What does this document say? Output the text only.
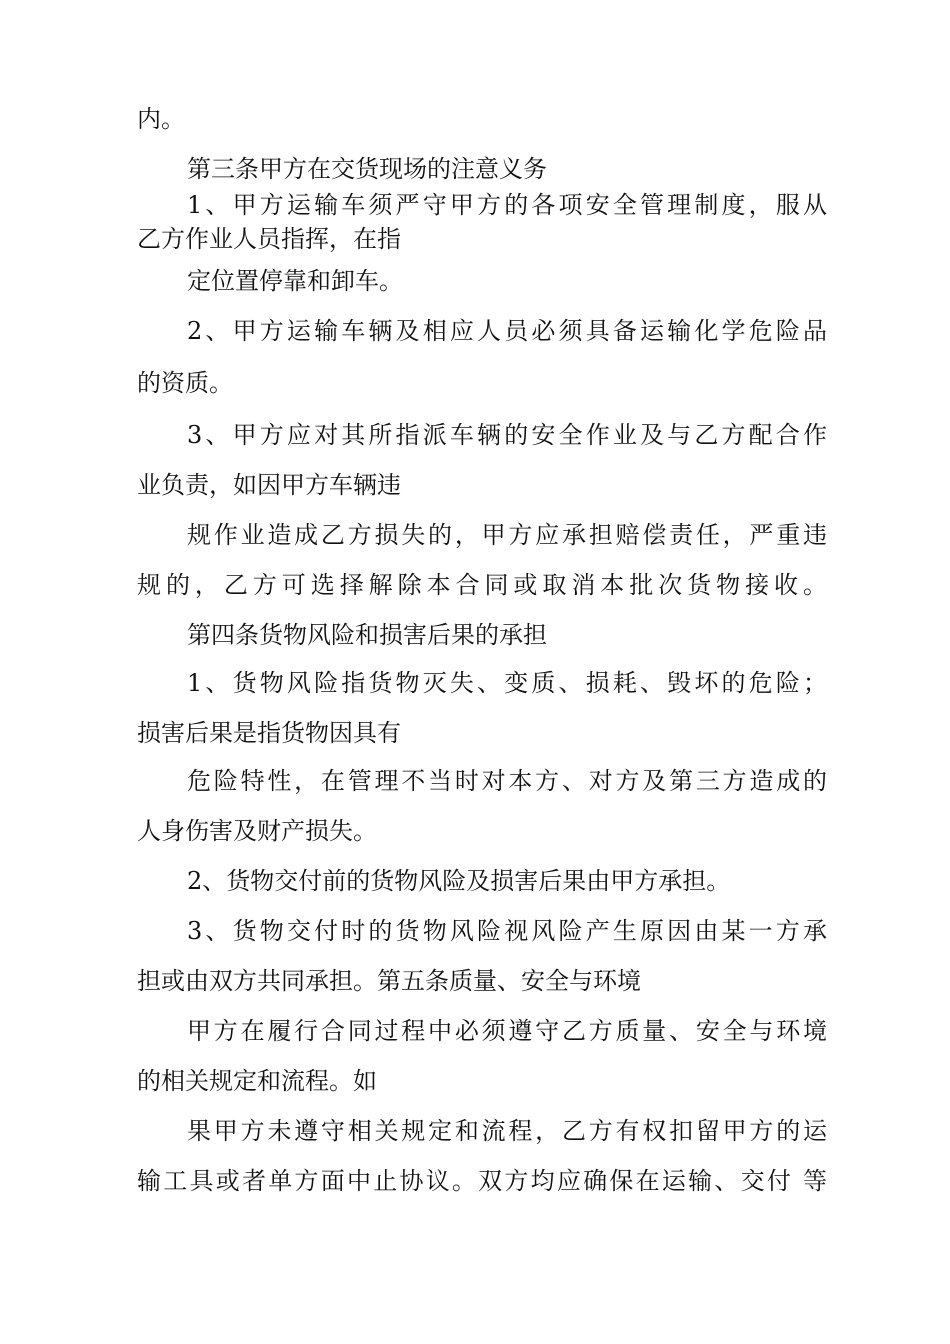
内。
第三条甲方在交货现场的注意义务
1、甲方运输车须严守甲方的各项安全管理制度，服从
乙方作业人员指挥，在指
定位置停靠和卸车。
2、甲方运输车辆及相应人员必须具备运输化学危险品
的资质。
3、甲方应对其所指派车辆的安全作业及与乙方配合作
业负责，如因甲方车辆违
规作业造成乙方损失的，甲方应承担赔偿责任，严重违
规的，乙方可选择解除本合同或取消本批次货物接收。
第四条货物风险和损害后果的承担
1、货物风险指货物灭失、变质、损耗、毁坏的危险；
损害后果是指货物因具有
危险特性，在管理不当时对本方、对方及第三方造成的
人身伤害及财产损失。
2、货物交付前的货物风险及损害后果由甲方承担。
3、货物交付时的货物风险视风险产生原因由某一方承
担或由双方共同承担。第五条质量、安全与环境
甲方在履行合同过程中必须遵守乙方质量、安全与环境
的相关规定和流程。如
果甲方未遵守相关规定和流程，乙方有权扣留甲方的运
输工具或者单方面中止协议。双方均应确保在运输、交付 等
